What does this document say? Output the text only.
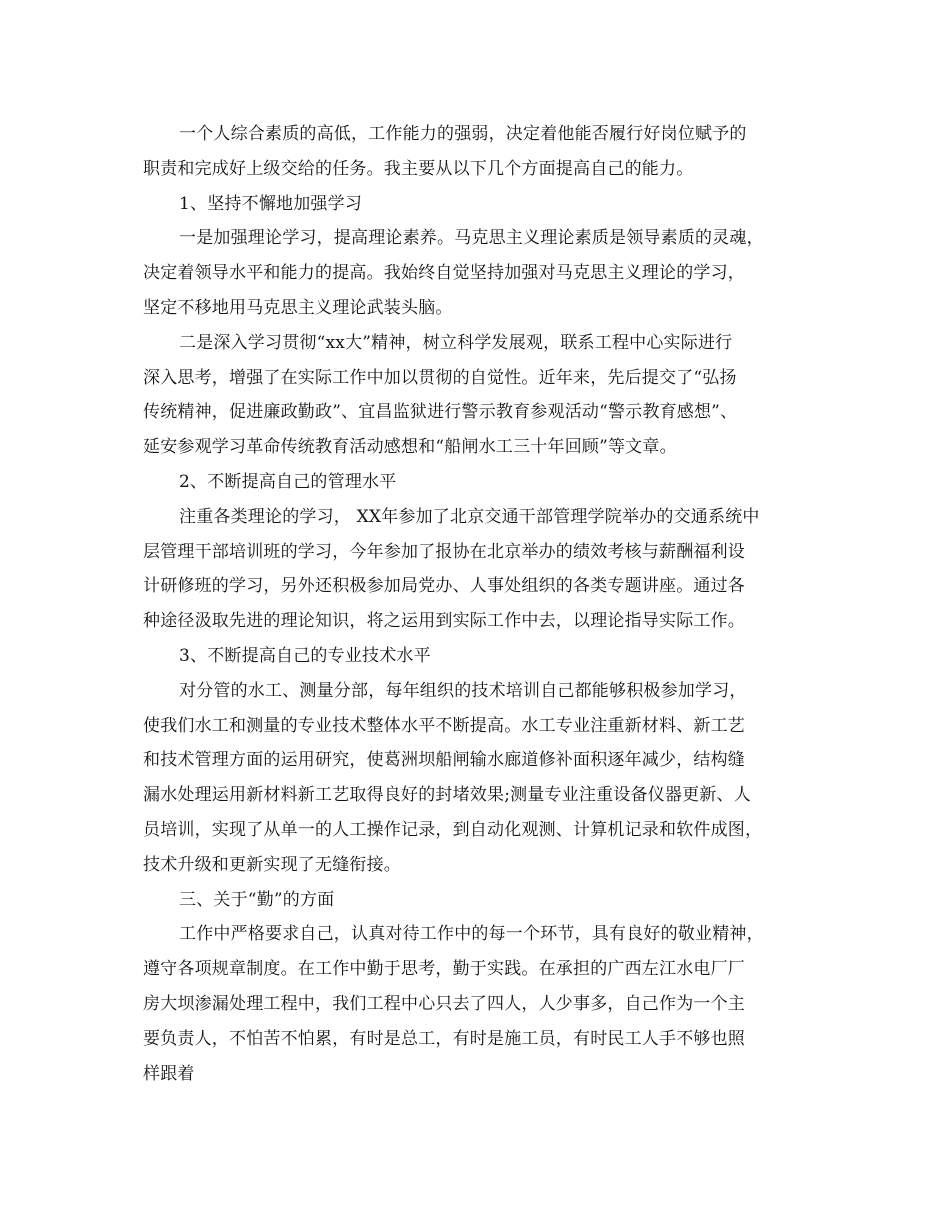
一个人综合素质的高低，工作能力的强弱，决定着他能否履行好岗位赋予的
职责和完成好上级交给的任务。我主要从以下几个方面提高自己的能力。
1、坚持不懈地加强学习
一是加强理论学习，提高理论素养。马克思主义理论素质是领导素质的灵魂，
决定着领导水平和能力的提高。我始终自觉坚持加强对马克思主义理论的学习，
坚定不移地用马克思主义理论武装头脑。
二是深入学习贯彻“xx大”精神，树立科学发展观，联系工程中心实际进行
深入思考，增强了在实际工作中加以贯彻的自觉性。近年来，先后提交了“弘扬
传统精神，促进廉政勤政”、宜昌监狱进行警示教育参观活动“警示教育感想”、
延安参观学习革命传统教育活动感想和“船闸水工三十年回顾”等文章。
2、不断提高自己的管理水平
注重各类理论的学习， XX年参加了北京交通干部管理学院举办的交通系统中
层管理干部培训班的学习，今年参加了报协在北京举办的绩效考核与薪酬福利设
计研修班的学习，另外还积极参加局党办、人事处组织的各类专题讲座。通过各
种途径汲取先进的理论知识，将之运用到实际工作中去，以理论指导实际工作。
3、不断提高自己的专业技术水平
对分管的水工、测量分部，每年组织的技术培训自己都能够积极参加学习，
使我们水工和测量的专业技术整体水平不断提高。水工专业注重新材料、新工艺
和技术管理方面的运用研究，使葛洲坝船闸输水廊道修补面积逐年减少，结构缝
漏水处理运用新材料新工艺取得良好的封堵效果;测量专业注重设备仪器更新、人
员培训，实现了从单一的人工操作记录，到自动化观测、计算机记录和软件成图，
技术升级和更新实现了无缝衔接。
三、关于“勤”的方面
工作中严格要求自己，认真对待工作中的每一个环节，具有良好的敬业精神，
遵守各项规章制度。在工作中勤于思考，勤于实践。在承担的广西左江水电厂厂
房大坝渗漏处理工程中，我们工程中心只去了四人，人少事多，自己作为一个主
要负责人，不怕苦不怕累，有时是总工，有时是施工员，有时民工人手不够也照
样跟着
